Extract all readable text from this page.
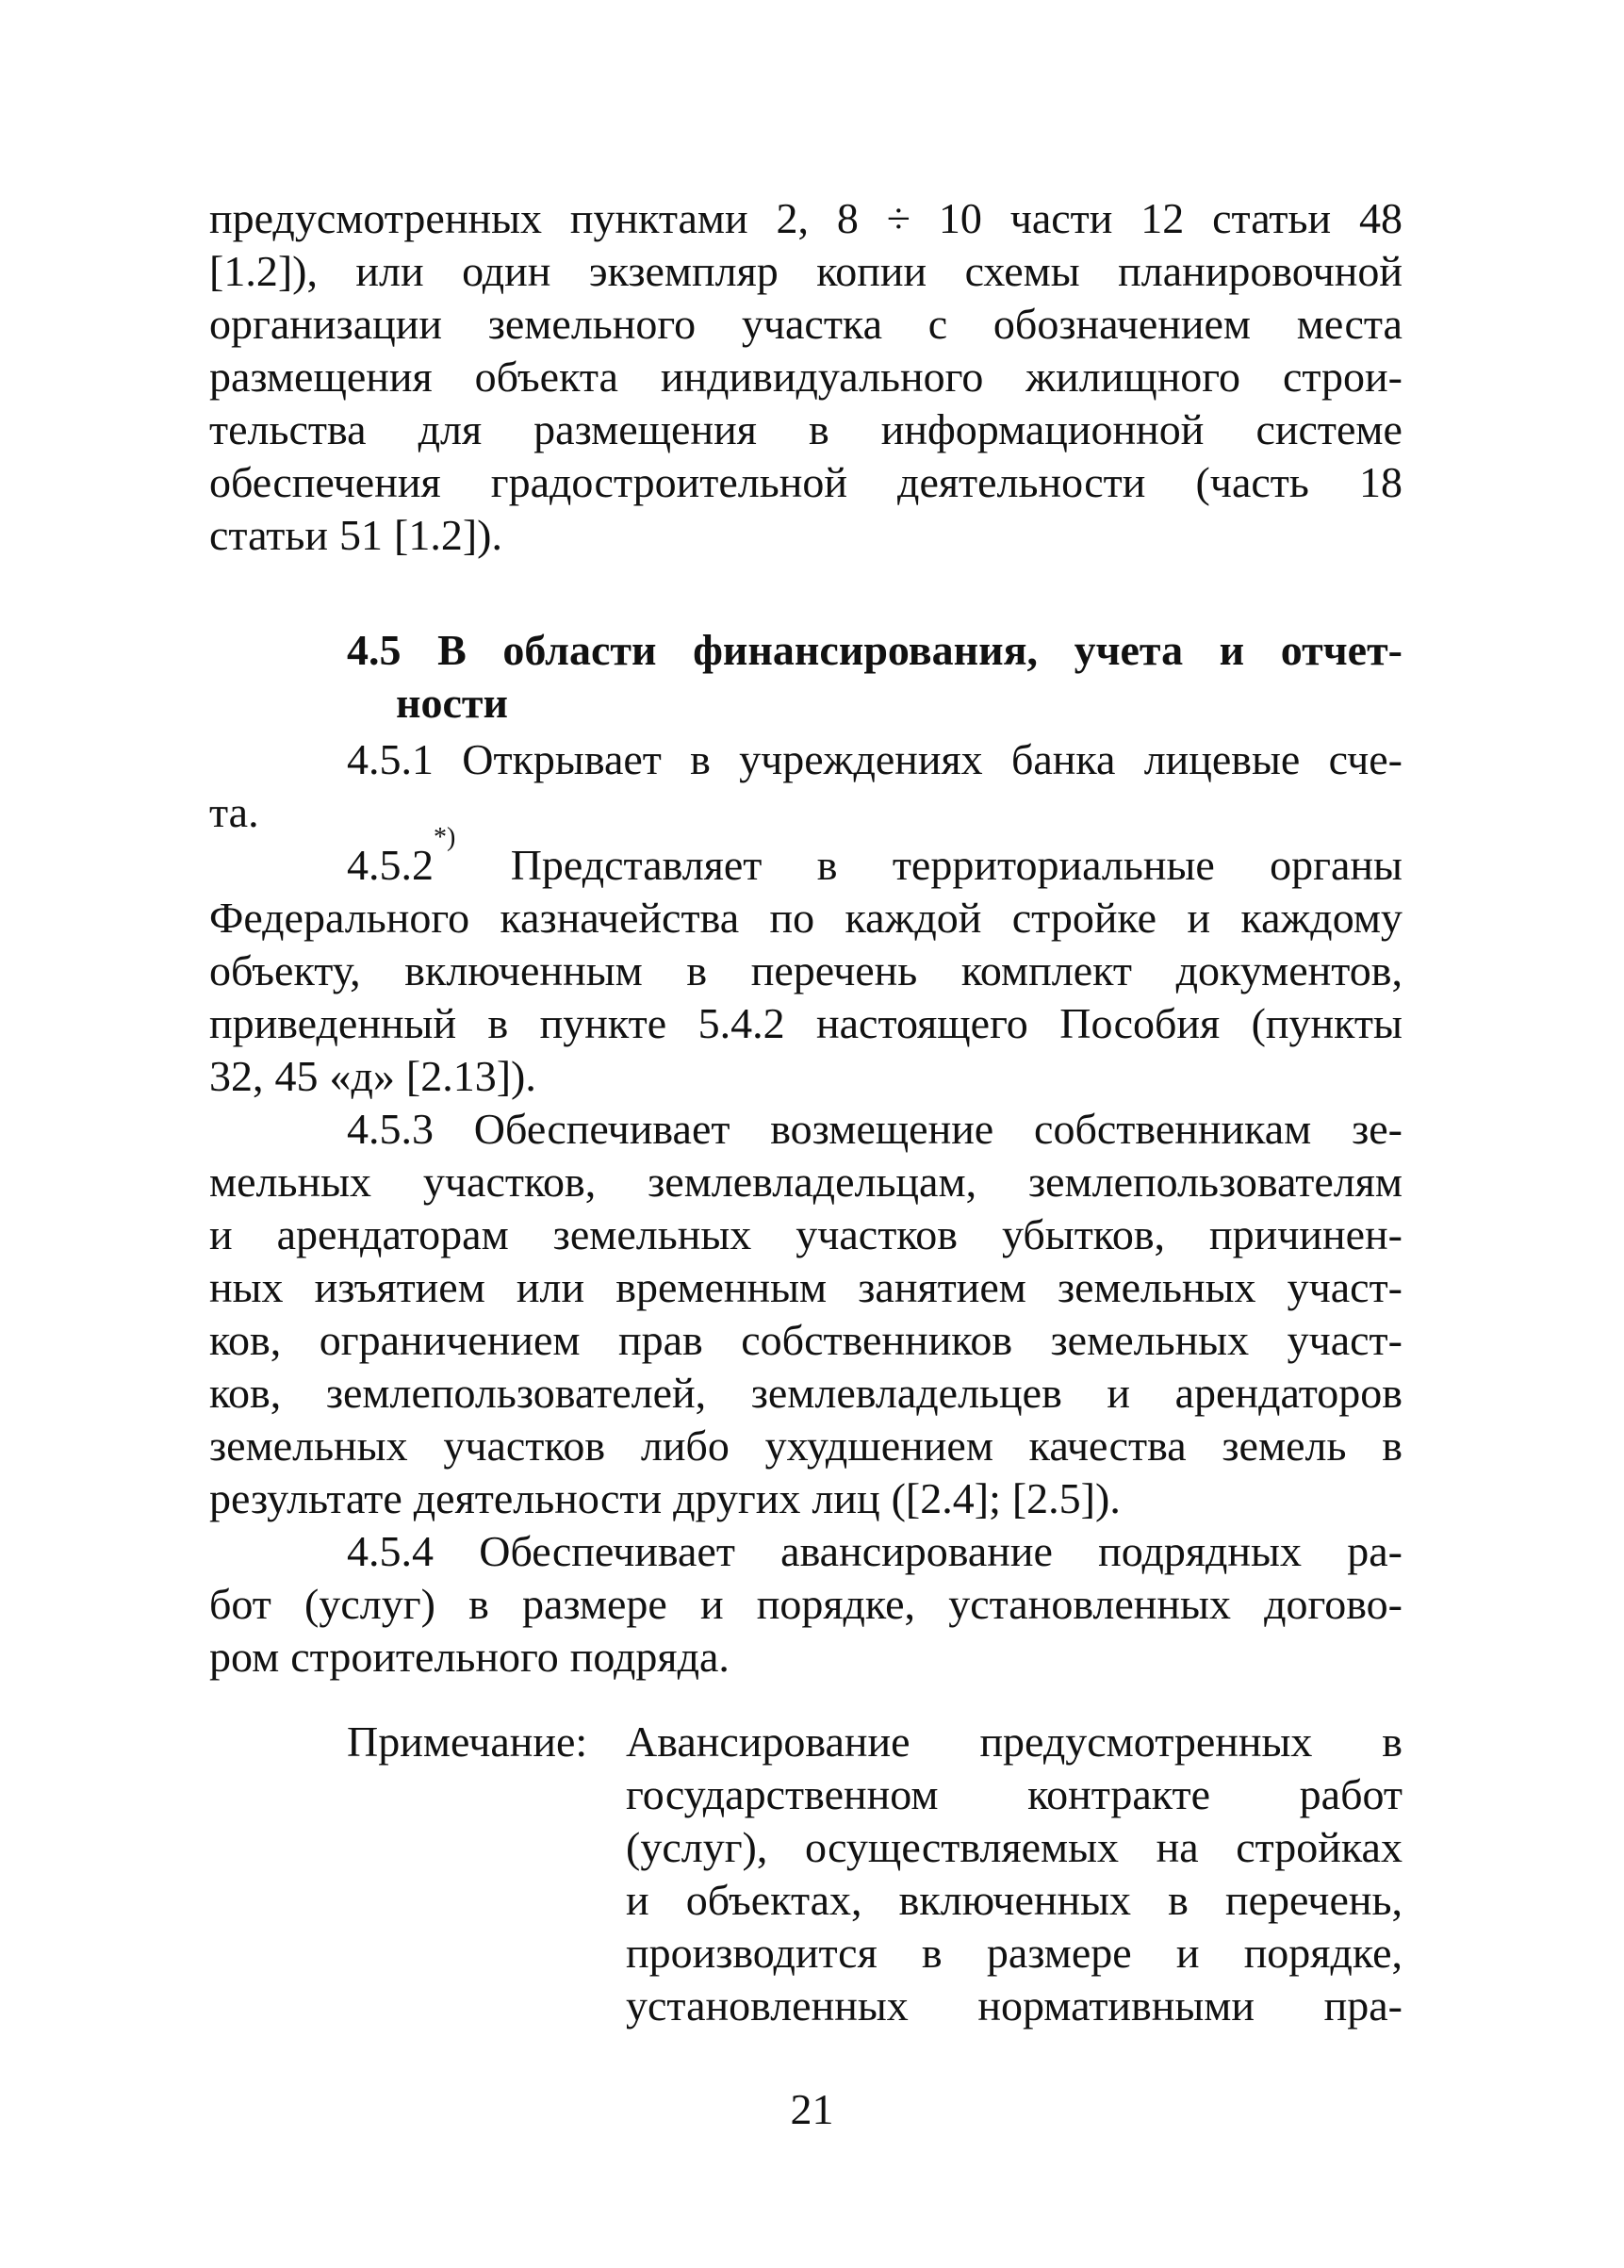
предусмотренных пунктами 2, 8 ÷ 10 части 12 статьи 48
[1.2]), или один экземпляр копии схемы планировочной
организации земельного участка с обозначением места
размещения объекта индивидуального жилищного строи-
тельства для размещения в информационной системе
обеспечения градостроительной деятельности (часть 18
статьи 51 [1.2]).
4.5 В области финансирования, учета и отчет-
ности
4.5.1 Открывает в учреждениях банка лицевые сче-
та.
4.5.2*)
Представляет в территориальные органы
Федерального казначейства по каждой стройке и каждому
объекту, включенным в перечень комплект документов,
приведенный в пункте 5.4.2 настоящего Пособия (пункты
32, 45 «д» [2.13]).
4.5.3 Обеспечивает возмещение собственникам зе-
мельных участков, землевладельцам, землепользователям
и арендаторам земельных участков убытков, причинен-
ных изъятием или временным занятием земельных участ-
ков, ограничением прав собственников земельных участ-
ков, землепользователей, землевладельцев и арендаторов
земельных участков либо ухудшением качества земель в
результате деятельности других лиц ([2.4]; [2.5]).
4.5.4 Обеспечивает авансирование подрядных ра-
бот (услуг) в размере и порядке, установленных догово-
ром строительного подряда.
Примечание: Авансирование предусмотренных в
государственном контракте работ
(услуг), осуществляемых на стройках
и объектах, включенных в перечень,
производится в размере и порядке,
установленных нормативными пра-
21
